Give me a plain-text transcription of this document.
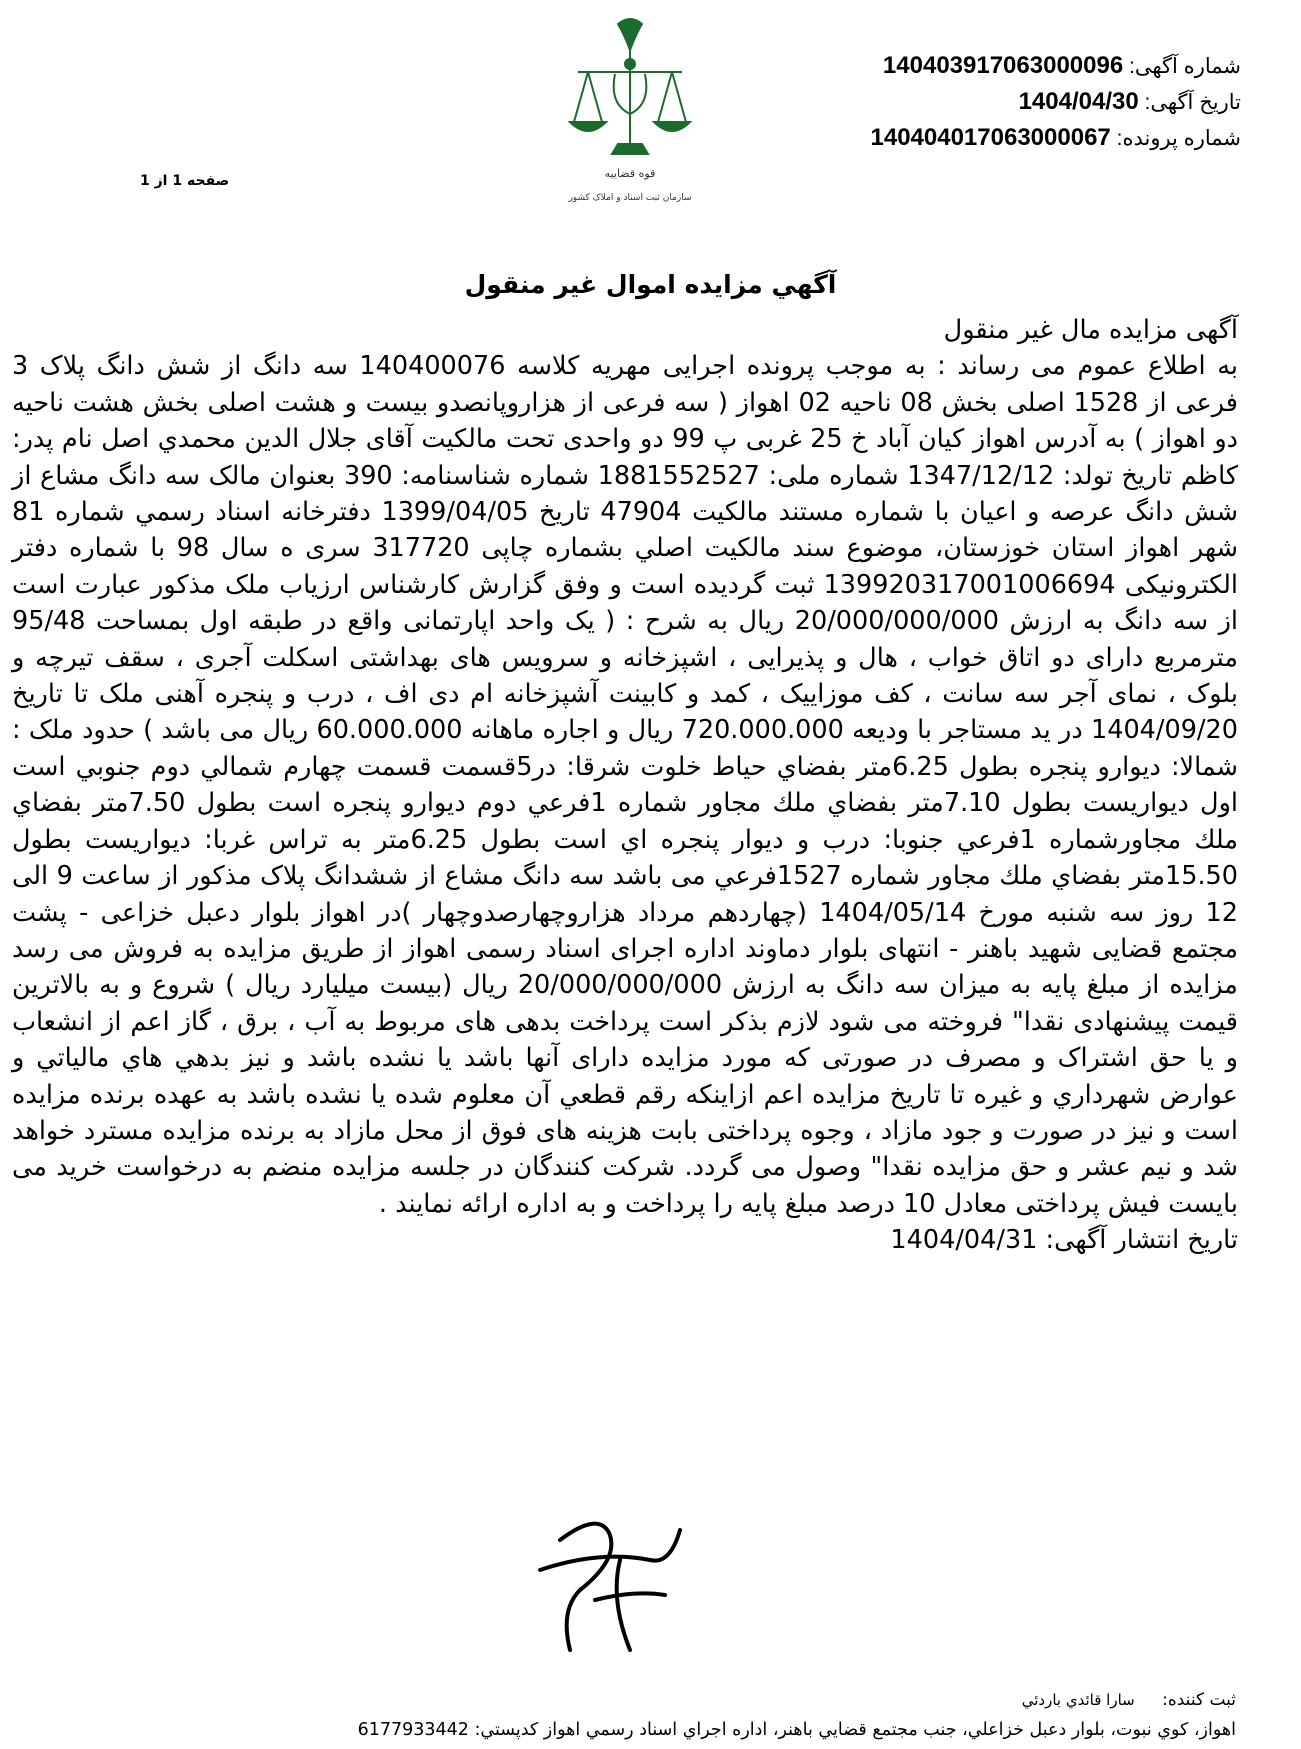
قوه قضاییه
سازمان ثبت اسناد و املاک کشور
شماره آگهی: 140403917063000096
تاریخ آگهی: 1404/04/30
شماره پرونده: 140404017063000067
صفحه 1 از 1
آگهي مزايده اموال غير منقول

آگهی مزایده مال غیر منقول

به اطلاع عموم می رساند : به موجب پرونده اجرایی مهریه کلاسه 140400076 سه دانگ از شش دانگ پلاک 3 فرعی از 1528 اصلی بخش 08 ناحیه 02 اهواز ( سه فرعی از هزاروپانصدو بیست و هشت اصلی بخش هشت ناحیه دو اهواز ) به آدرس اهواز کیان آباد خ 25 غربی پ 99 دو واحدی تحت مالکیت آقای جلال الدين محمدي اصل نام پدر: کاظم تاریخ تولد: 1347/12/12 شماره ملی: 1881552527 شماره شناسنامه: 390 بعنوان مالک سه دانگ مشاع از شش دانگ عرصه و اعیان با شماره مستند مالکیت 47904 تاریخ 1399/04/05 دفترخانه اسناد رسمي شماره 81 شهر اهواز استان خوزستان، موضوع سند مالکيت اصلي بشماره چاپی 317720 سری ه سال 98 با شماره دفتر الکترونیکی 139920317001006694 ثبت گردیده است و وفق گزارش کارشناس ارزیاب ملک مذکور عبارت است از سه دانگ به ارزش 20/000/000/000 ریال به شرح : ( یک واحد اپارتمانی واقع در طبقه اول بمساحت 95/48 مترمربع دارای دو اتاق خواب ، هال و پذیرایی ، اشپزخانه و سرویس های بهداشتی اسکلت آجری ، سقف تیرچه و بلوک ، نمای آجر سه سانت ، کف موزاییک ، کمد و کابینت آشپزخانه ام دی اف ، درب و پنجره آهنی ملک تا تاریخ 1404/09/20 در ید مستاجر با ودیعه 720.000.000 ریال و اجاره ماهانه 60.000.000 ریال می باشد ) حدود ملک : شمالا: ديوارو پنجره بطول 6.25متر بفضاي حياط خلوت شرقا: در5قسمت قسمت چهارم شمالي دوم جنوبي است اول ديواريست بطول 7.10متر بفضاي ملك مجاور شماره 1فرعي دوم ديوارو پنجره است بطول 7.50متر بفضاي ملك مجاورشماره 1فرعي جنوبا: درب و ديوار پنجره اي است بطول 6.25متر به تراس غربا: ديواريست بطول 15.50متر بفضاي ملك مجاور شماره 1527فرعي می باشد سه دانگ مشاع از ششدانگ پلاک مذکور از ساعت 9 الی 12 روز سه شنبه مورخ 1404/05/14 (چهاردهم مرداد هزاروچهارصدوچهار )در اهواز بلوار دعبل خزاعی - پشت مجتمع قضایی شهید باهنر - انتهای بلوار دماوند اداره اجرای اسناد رسمی اهواز از طریق مزایده به فروش می رسد مزایده از مبلغ پایه به میزان سه دانگ به ارزش 20/000/000/000 ریال (بیست میلیارد ریال ) شروع و به بالاترین قیمت پیشنهادی نقدا" فروخته می شود لازم بذکر است پرداخت بدهی های مربوط به آب ، برق ، گاز اعم از انشعاب و یا حق اشتراک و مصرف در صورتی که مورد مزایده دارای آنها باشد یا نشده باشد و نیز بدهي هاي مالياتي و عوارض شهرداري و غيره تا تاريخ مزايده اعم ازاينكه رقم قطعي آن معلوم شده يا نشده باشد به عهده برنده مزایده است و نیز در صورت و جود مازاد ، وجوه پرداختی بابت هزینه های فوق از محل مازاد به برنده مزایده مسترد خواهد شد و نیم عشر و حق مزایده نقدا" وصول می گردد. شرکت کنندگان در جلسه مزایده منضم به درخواست خرید می بایست فیش پرداختی معادل 10 درصد مبلغ پایه را پرداخت و به اداره ارائه نمایند .

تاریخ انتشار آگهی: 1404/04/31

ثبت كننده: سارا قائدي باردئي
اهواز، كوي نبوت، بلوار دعبل خزاعلي، جنب مجتمع قضايي باهنر، اداره اجراي اسناد رسمي اهواز كدپستي: 6177933442
